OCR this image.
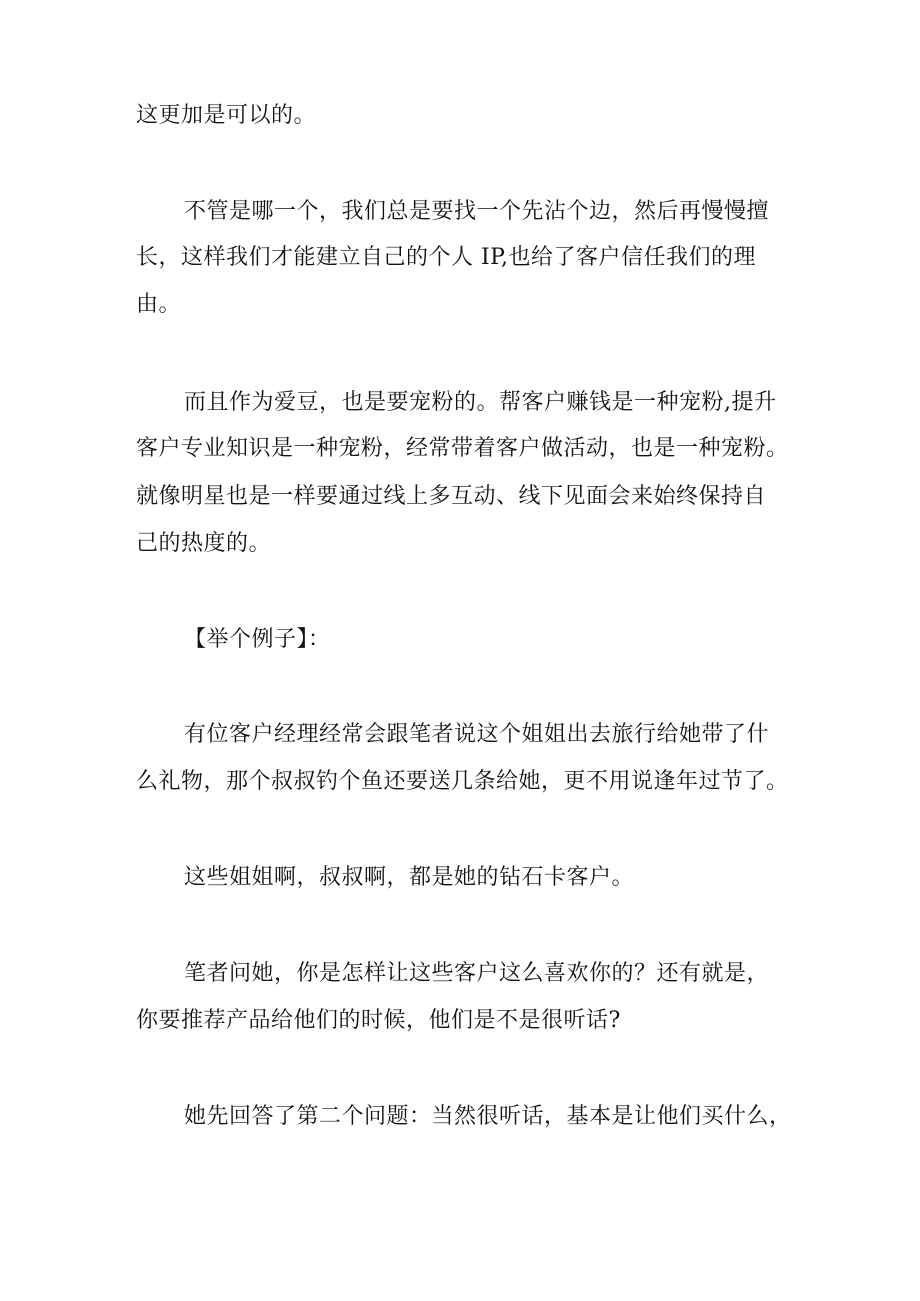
这更加是可以的。
不管是哪一个，我们总是要找一个先沾个边，然后再慢慢擅
长，这样我们才能建立自己的个人 IP,也给了客户信任我们的理
由。
而且作为爱豆，也是要宠粉的。帮客户赚钱是一种宠粉,提升
客户专业知识是一种宠粉，经常带着客户做活动，也是一种宠粉。
就像明星也是一样要通过线上多互动、线下见面会来始终保持自
己的热度的。
【举个例子】：
有位客户经理经常会跟笔者说这个姐姐出去旅行给她带了什
么礼物，那个叔叔钓个鱼还要送几条给她，更不用说逢年过节了。
这些姐姐啊，叔叔啊，都是她的钻石卡客户。
笔者问她，你是怎样让这些客户这么喜欢你的？还有就是，
你要推荐产品给他们的时候，他们是不是很听话?
她先回答了第二个问题：当然很听话，基本是让他们买什么，
